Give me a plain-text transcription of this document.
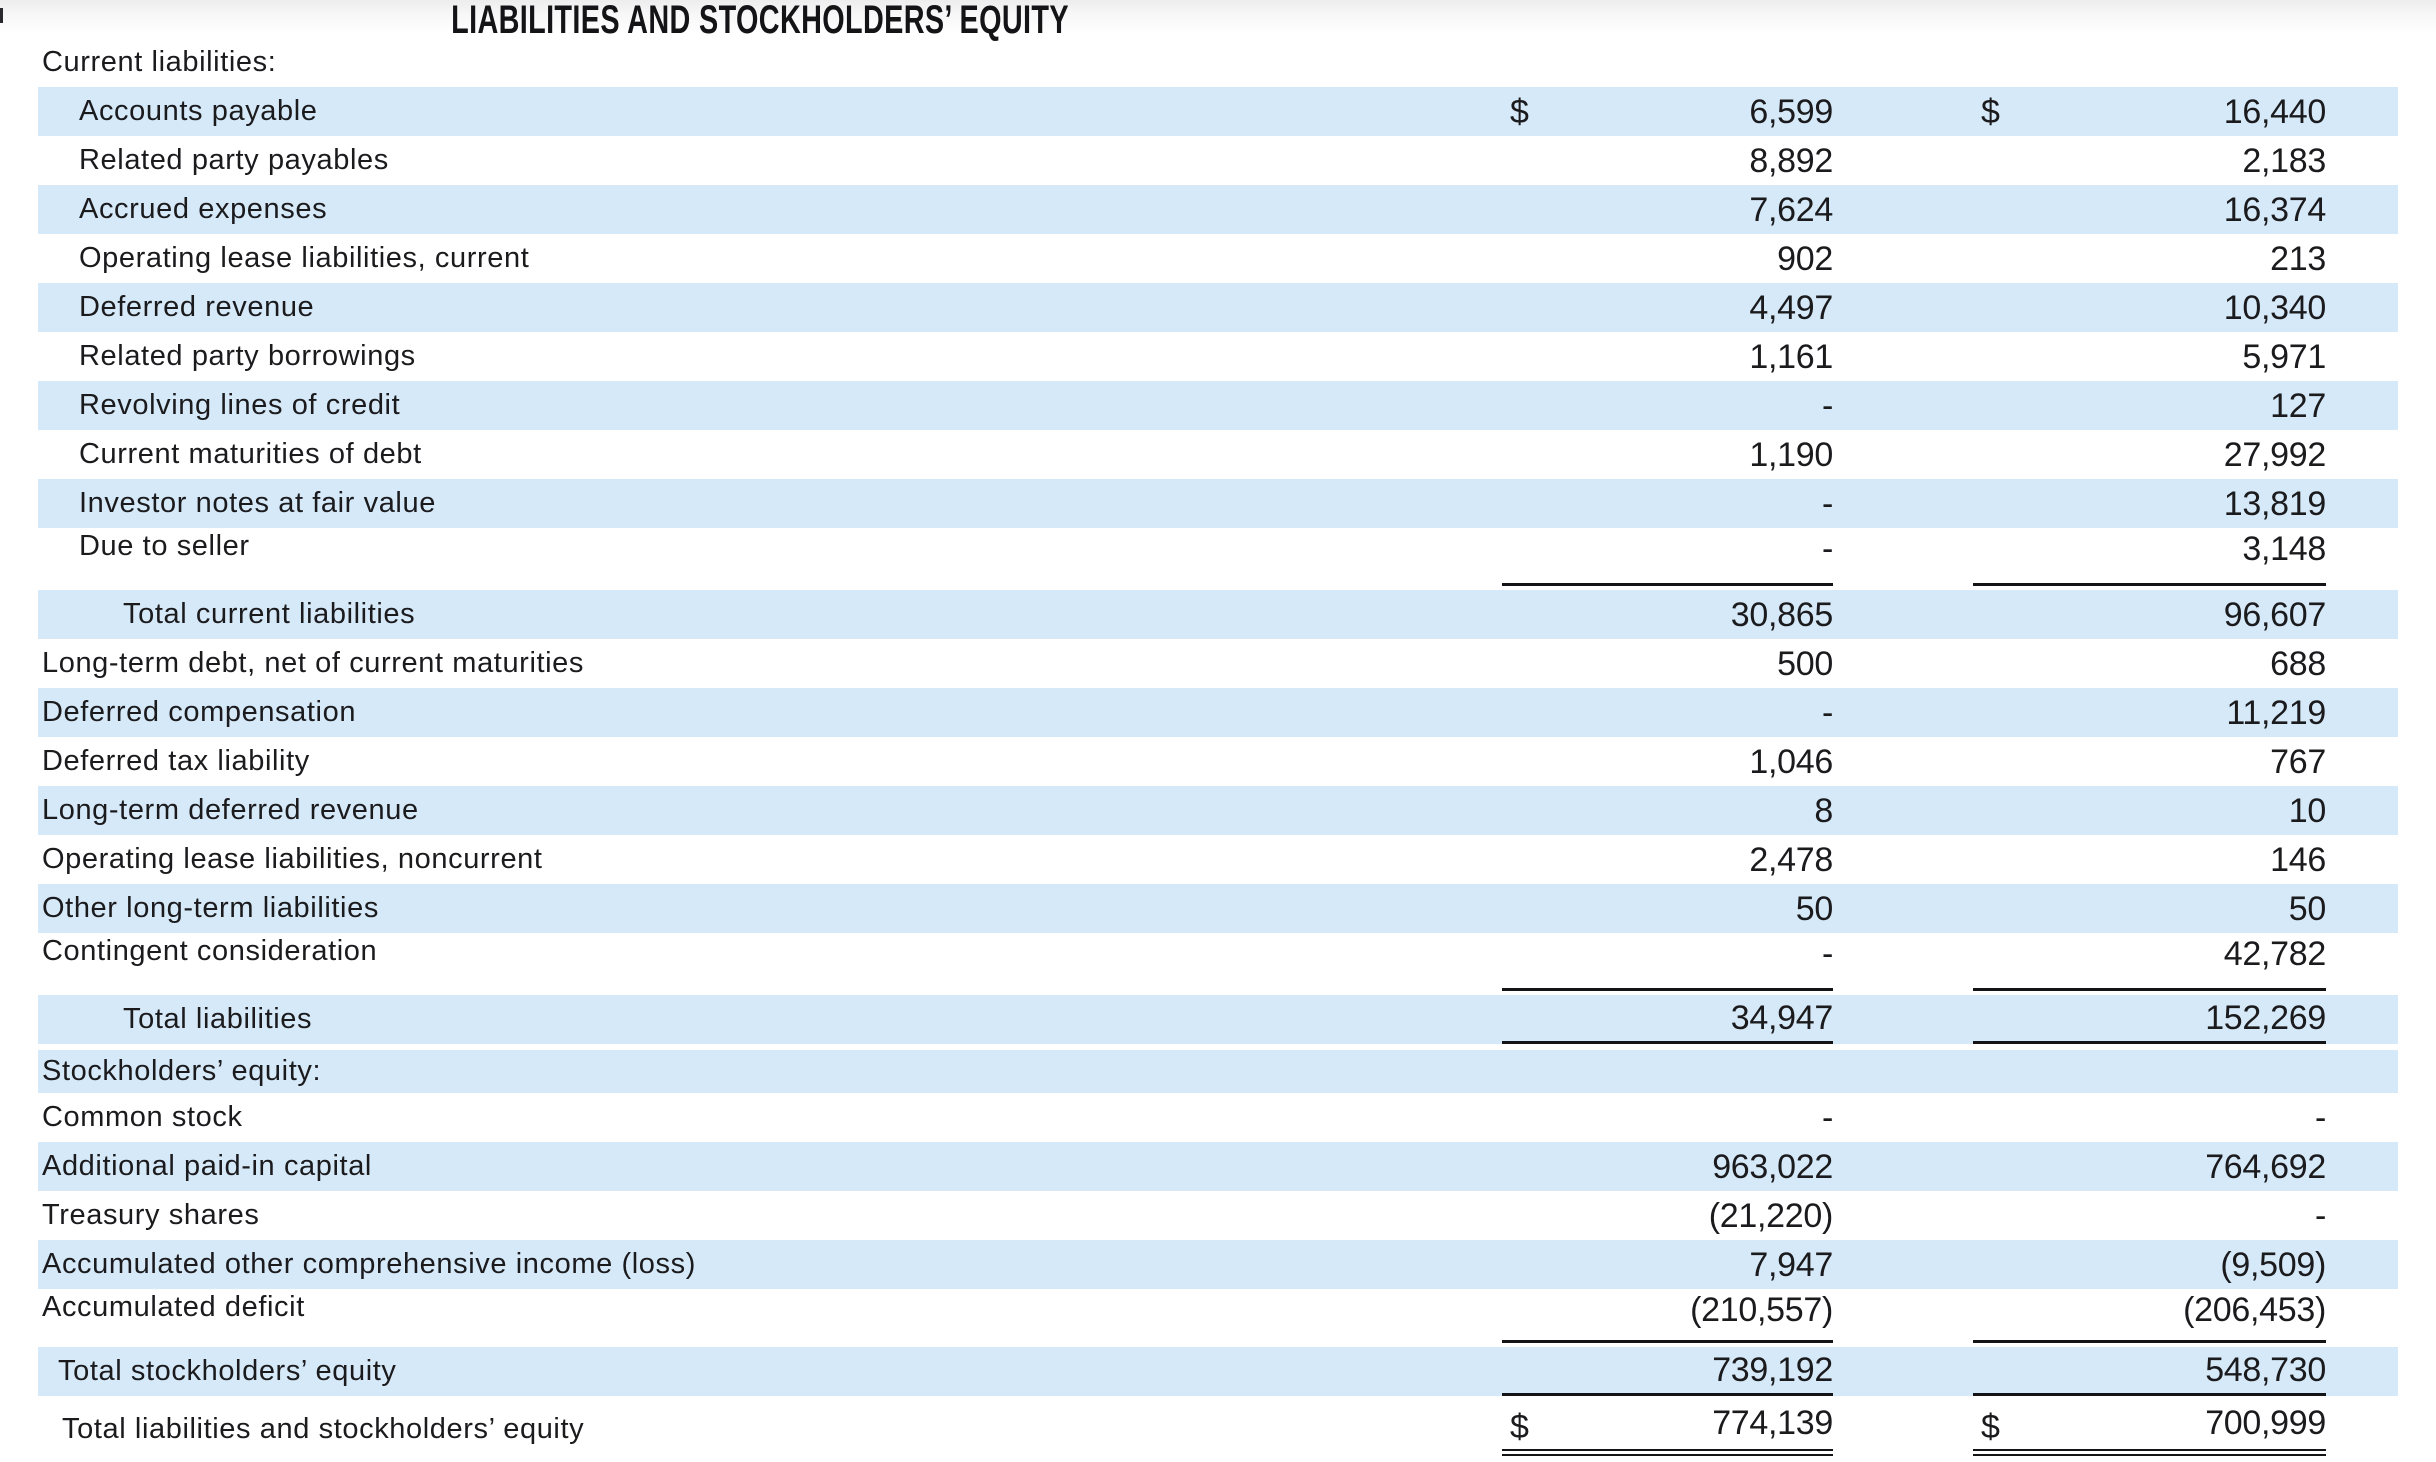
LIABILITIES AND STOCKHOLDERS’ EQUITY
Current liabilities:
Accounts payable	$	6,599	$	16,440
Related party payables	8,892	2,183
Accrued expenses	7,624	16,374
Operating lease liabilities, current	902	213
Deferred revenue	4,497	10,340
Related party borrowings	1,161	5,971
Revolving lines of credit	-	127
Current maturities of debt	1,190	27,992
Investor notes at fair value	-	13,819
Due to seller	-	3,148
Total current liabilities	30,865	96,607
Long-term debt, net of current maturities	500	688
Deferred compensation	-	11,219
Deferred tax liability	1,046	767
Long-term deferred revenue	8	10
Operating lease liabilities, noncurrent	2,478	146
Other long-term liabilities	50	50
Contingent consideration	-	42,782
Total liabilities	34,947	152,269
Stockholders’ equity:
Common stock	-	-
Additional paid-in capital	963,022	764,692
Treasury shares	(21,220)	-
Accumulated other comprehensive income (loss)	7,947	(9,509)
Accumulated deficit	(210,557)	(206,453)
Total stockholders’ equity	739,192	548,730
Total liabilities and stockholders’ equity	$	774,139	$	700,999
